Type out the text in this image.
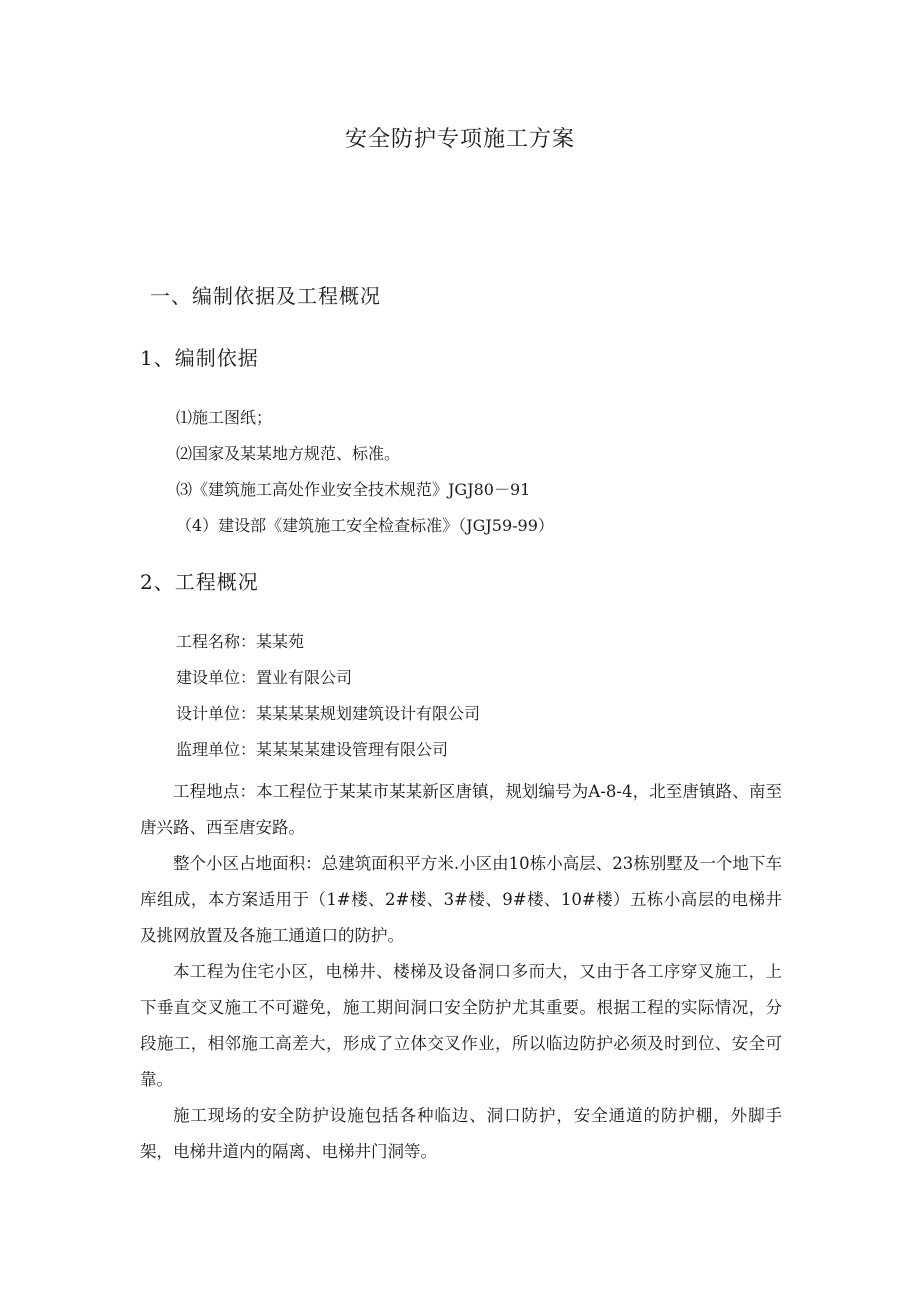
安全防护专项施工方案
一、编制依据及工程概况
1、编制依据
⑴施工图纸；
⑵国家及某某地方规范、标准。
⑶《建筑施工高处作业安全技术规范》JGJ80－91
（4）建设部《建筑施工安全检查标准》（JGJ59-99）
2、工程概况
工程名称：某某苑
建设单位：置业有限公司
设计单位：某某某某规划建筑设计有限公司
监理单位：某某某某建设管理有限公司

工程地点：本工程位于某某市某某新区唐镇，规划编号为A-8-4，北至唐镇路、南至唐兴路、西至唐安路。

整个小区占地面积：总建筑面积平方米.小区由10栋小高层、23栋别墅及一个地下车库组成，本方案适用于（1#楼、2#楼、3#楼、9#楼、10#楼）五栋小高层的电梯井及挑网放置及各施工通道口的防护。

本工程为住宅小区，电梯井、楼梯及设备洞口多而大，又由于各工序穿叉施工，上下垂直交叉施工不可避免，施工期间洞口安全防护尤其重要。根据工程的实际情况，分段施工，相邻施工高差大，形成了立体交叉作业，所以临边防护必须及时到位、安全可靠。

施工现场的安全防护设施包括各种临边、洞口防护，安全通道的防护棚，外脚手架，电梯井道内的隔离、电梯井门洞等。
